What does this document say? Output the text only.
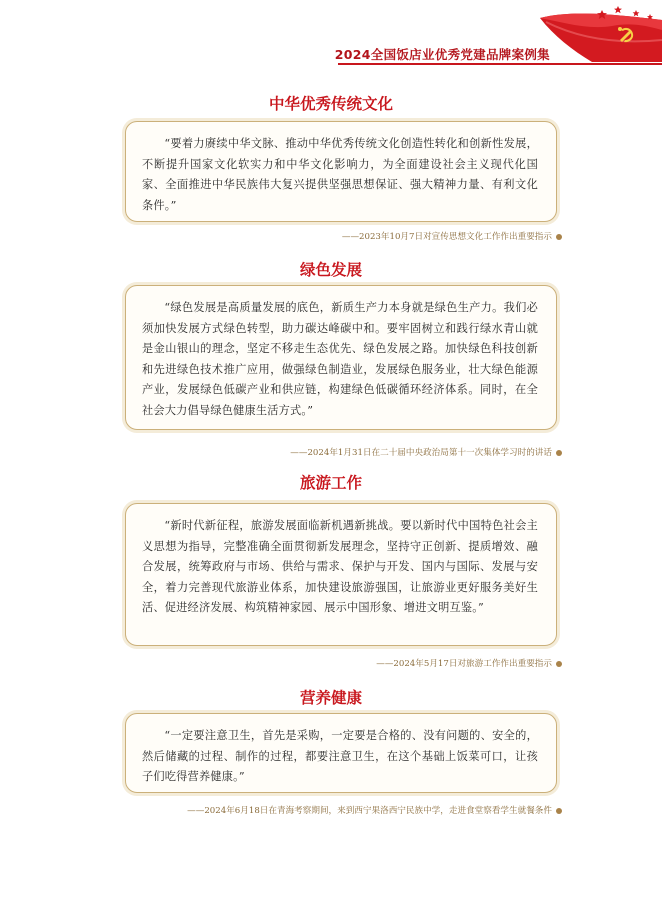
2024全国饭店业优秀党建品牌案例集
中华优秀传统文化

“要着力赓续中华文脉、推动中华优秀传统文化创造性转化和创新性发展，不断提升国家文化软实力和中华文化影响力，为全面建设社会主义现代化国家、全面推进中华民族伟大复兴提供坚强思想保证、强大精神力量、有利文化条件。”

——2023年10月7日对宣传思想文化工作作出重要指示
绿色发展

“绿色发展是高质量发展的底色，新质生产力本身就是绿色生产力。我们必须加快发展方式绿色转型，助力碳达峰碳中和。要牢固树立和践行绿水青山就是金山银山的理念，坚定不移走生态优先、绿色发展之路。加快绿色科技创新和先进绿色技术推广应用，做强绿色制造业，发展绿色服务业，壮大绿色能源产业，发展绿色低碳产业和供应链，构建绿色低碳循环经济体系。同时，在全社会大力倡导绿色健康生活方式。”

——2024年1月31日在二十届中央政治局第十一次集体学习时的讲话
旅游工作

“新时代新征程，旅游发展面临新机遇新挑战。要以新时代中国特色社会主义思想为指导，完整准确全面贯彻新发展理念，坚持守正创新、提质增效、融合发展，统筹政府与市场、供给与需求、保护与开发、国内与国际、发展与安全，着力完善现代旅游业体系，加快建设旅游强国，让旅游业更好服务美好生活、促进经济发展、构筑精神家园、展示中国形象、增进文明互鉴。”

——2024年5月17日对旅游工作作出重要指示
营养健康

“一定要注意卫生，首先是采购，一定要是合格的、没有问题的、安全的，然后储藏的过程、制作的过程，都要注意卫生，在这个基础上饭菜可口，让孩子们吃得营养健康。”

——2024年6月18日在青海考察期间，来到西宁果洛西宁民族中学，走进食堂察看学生就餐条件
